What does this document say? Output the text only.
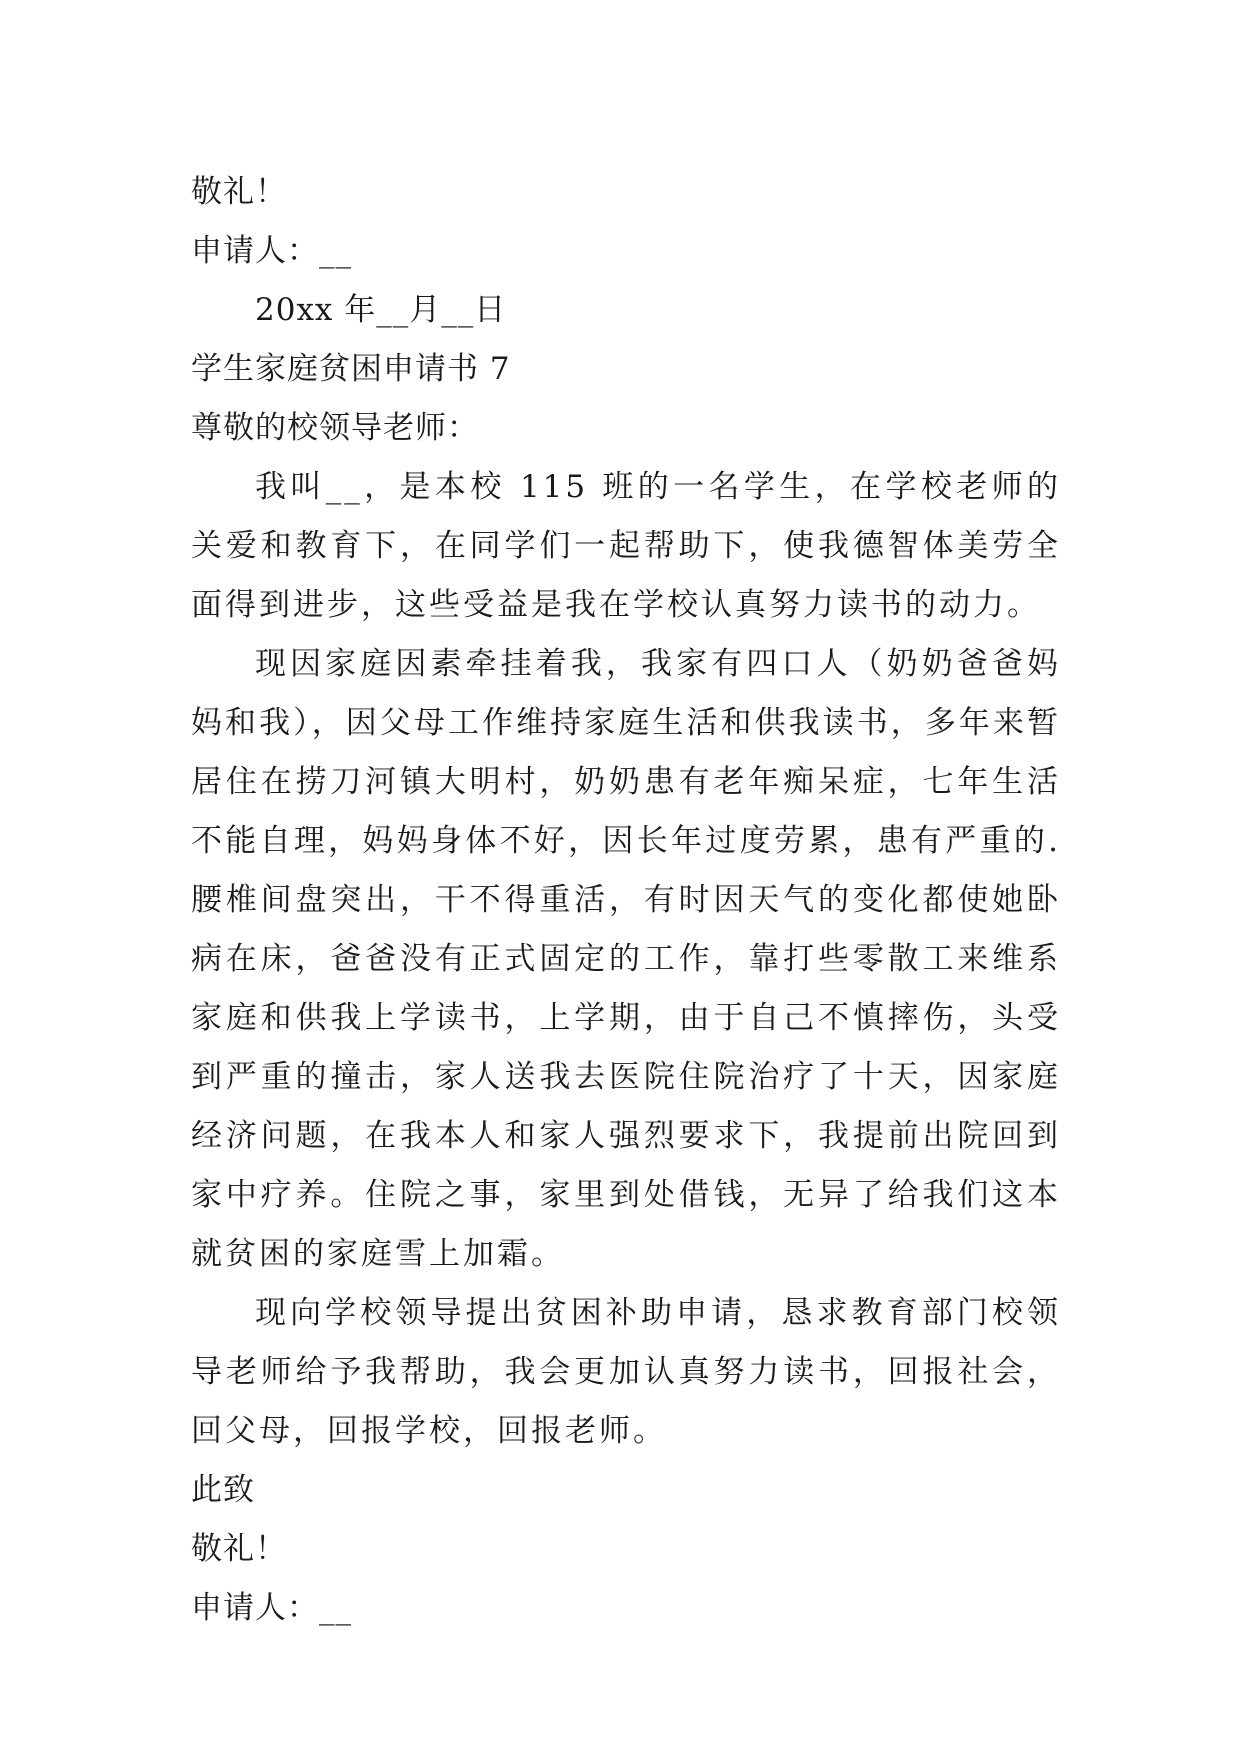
敬礼！
申请人：__
20xx 年__月__日
学生家庭贫困申请书 7
尊敬的校领导老师：

我叫__，是本校 115 班的一名学生，在学校老师的关爱和教育下，在同学们一起帮助下，使我德智体美劳全面得到进步，这些受益是我在学校认真努力读书的动力。

现因家庭因素牵挂着我，我家有四口人（奶奶爸爸妈妈和我），因父母工作维持家庭生活和供我读书，多年来暂居住在捞刀河镇大明村，奶奶患有老年痴呆症，七年生活不能自理，妈妈身体不好，因长年过度劳累，患有严重的.腰椎间盘突出，干不得重活，有时因天气的变化都使她卧病在床，爸爸没有正式固定的工作，靠打些零散工来维系家庭和供我上学读书，上学期，由于自己不慎摔伤，头受到严重的撞击，家人送我去医院住院治疗了十天，因家庭经济问题，在我本人和家人强烈要求下，我提前出院回到家中疗养。住院之事，家里到处借钱，无异了给我们这本就贫困的家庭雪上加霜。

现向学校领导提出贫困补助申请，恳求教育部门校领导老师给予我帮助，我会更加认真努力读书，回报社会，回父母，回报学校，回报老师。

此致
敬礼！
申请人：__
